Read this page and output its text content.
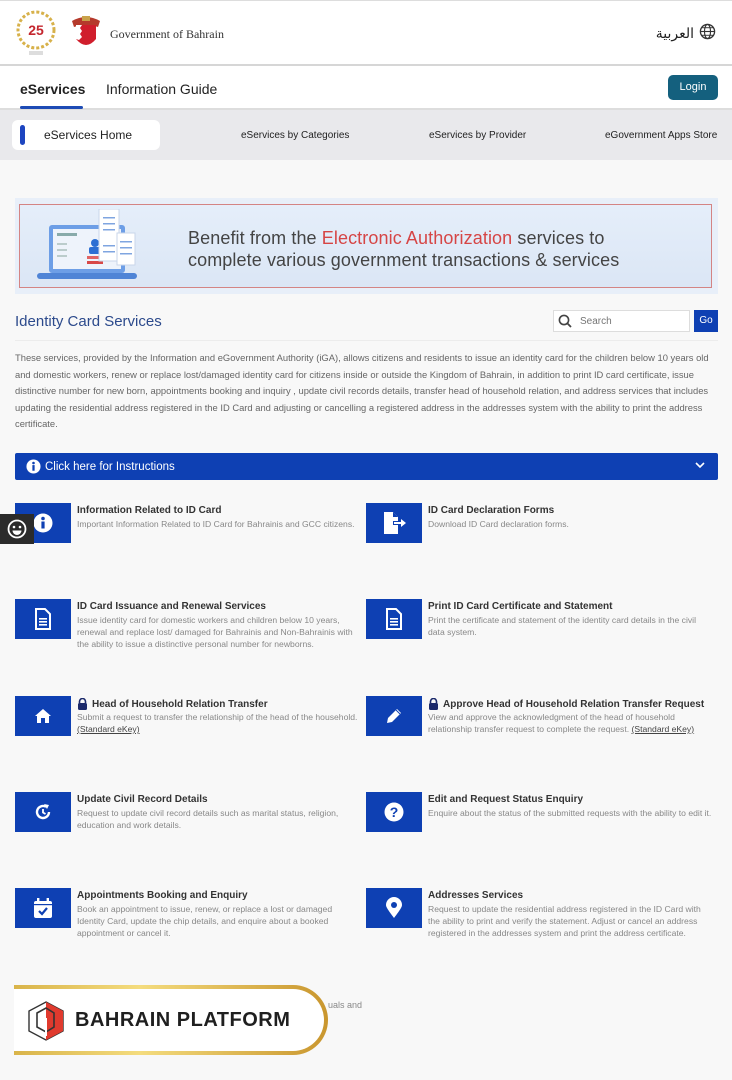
25	Government of Bahrain	العربية
eServices Information Guide	Login
eServices Home	eServices by Categories	eServices by Provider	eGovernment Apps Store
Benefit from the Electronic Authorization services to
complete various government transactions & services
Identity Card Services
Search	Go
These services, provided by the Information and eGovernment Authority (iGA), allows citizens and residents to issue an identity card for the children below 10 years old and domestic workers, renew or replace lost/damaged identity card for citizens inside or outside the Kingdom of Bahrain, in addition to print ID card certificate, issue distinctive number for new born, appointments booking and inquiry , update civil records details, transfer head of household relation, and address services that includes updating the residential address registered in the ID Card and adjusting or cancelling a registered address in the addresses system with the ability to print the address certificate.
Click here for Instructions
Information Related to ID Card
Important Information Related to ID Card for Bahrainis and GCC citizens.
ID Card Declaration Forms
Download ID Card declaration forms.
ID Card Issuance and Renewal Services
Issue identity card for domestic workers and children below 10 years, renewal and replace lost/ damaged for Bahrainis and Non-Bahrainis with the ability to issue a distinctive personal number for newborns.
Print ID Card Certificate and Statement
Print the certificate and statement of the identity card details in the civil data system.
Head of Household Relation Transfer
Submit a request to transfer the relationship of the head of the household. (Standard eKey)
Approve Head of Household Relation Transfer Request
View and approve the acknowledgment of the head of household relationship transfer request to complete the request. (Standard eKey)
Update Civil Record Details
Request to update civil record details such as marital status, religion, education and work details.
?
Edit and Request Status Enquiry
Enquire about the status of the submitted requests with the ability to edit it.
Appointments Booking and Enquiry
Book an appointment to issue, renew, or replace a lost or damaged Identity Card, update the chip details, and enquire about a booked appointment or cancel it.
Addresses Services
Request to update the residential address registered in the ID Card with the ability to print and verify the statement. Adjust or cancel an address registered in the addresses system and print the address certificate.
uals and
BAHRAIN PLATFORM
